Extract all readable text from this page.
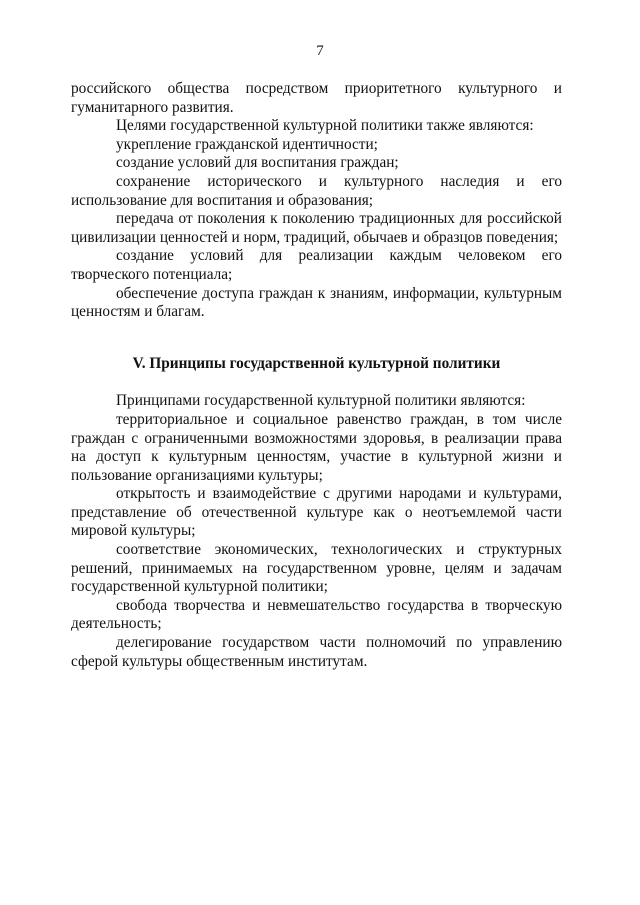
7

российского общества посредством приоритетного культурного и гуманитарного развития.

Целями государственной культурной политики также являются:

укрепление гражданской идентичности;

создание условий для воспитания граждан;

сохранение исторического и культурного наследия и его использование для воспитания и образования;

передача от поколения к поколению традиционных для российской цивилизации ценностей и норм, традиций, обычаев и образцов поведения;

создание условий для реализации каждым человеком его творческого потенциала;

обеспечение доступа граждан к знаниям, информации, культурным ценностям и благам.

V. Принципы государственной культурной политики

Принципами государственной культурной политики являются:

территориальное и социальное равенство граждан, в том числе граждан с ограниченными возможностями здоровья, в реализации права на доступ к культурным ценностям, участие в культурной жизни и пользование организациями культуры;

открытость и взаимодействие с другими народами и культурами, представление об отечественной культуре как о неотъемлемой части мировой культуры;

соответствие экономических, технологических и структурных решений, принимаемых на государственном уровне, целям и задачам государственной культурной политики;

свобода творчества и невмешательство государства в творческую деятельность;

делегирование государством части полномочий по управлению сферой культуры общественным институтам.
